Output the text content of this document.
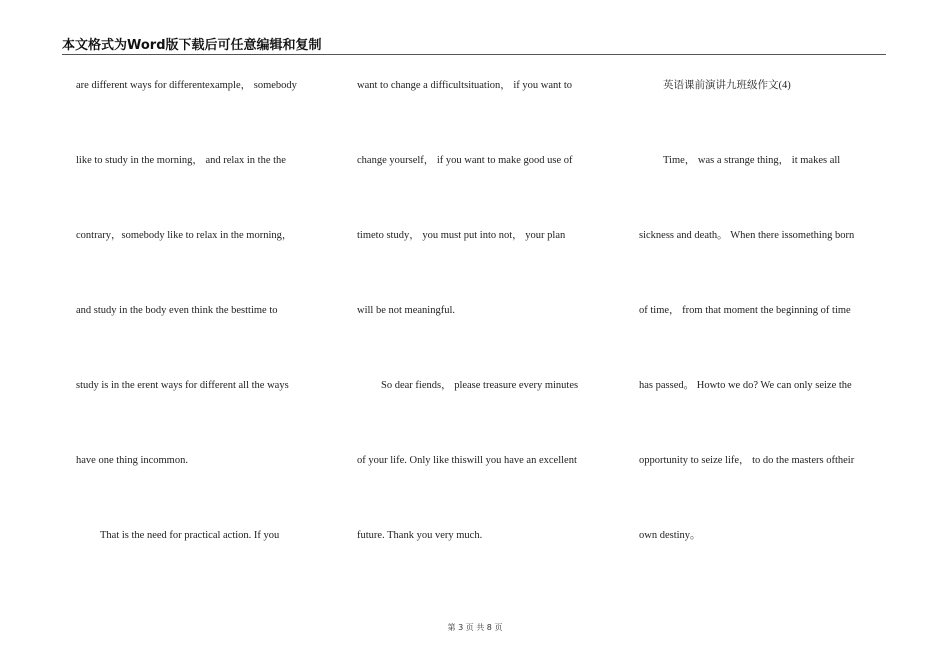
本文格式为Word版下载后可任意编辑和复制
are different ways for differentexample， somebody
like to study in the morning， and relax in the the
contrary，somebody like to relax in the morning，
and study in the body even think the besttime to
study is in the erent ways for different all the ways
have one thing incommon.
That is the need for practical action. If you
want to change a difficultsituation， if you want to
change yourself， if you want to make good use of
timeto study， you must put into not， your plan
will be not meaningful.
So dear fiends， please treasure every minutes
of your life. Only like thiswill you have an excellent
future. Thank you very much.
英语课前演讲九班级作文(4)
Time， was a strange thing， it makes all
sickness and death。 When there issomething born
of time， from that moment the beginning of time
has passed。 Howto we do? We can only seize the
opportunity to seize life， to do the masters oftheir
own destiny。
第 3 页 共 8 页
